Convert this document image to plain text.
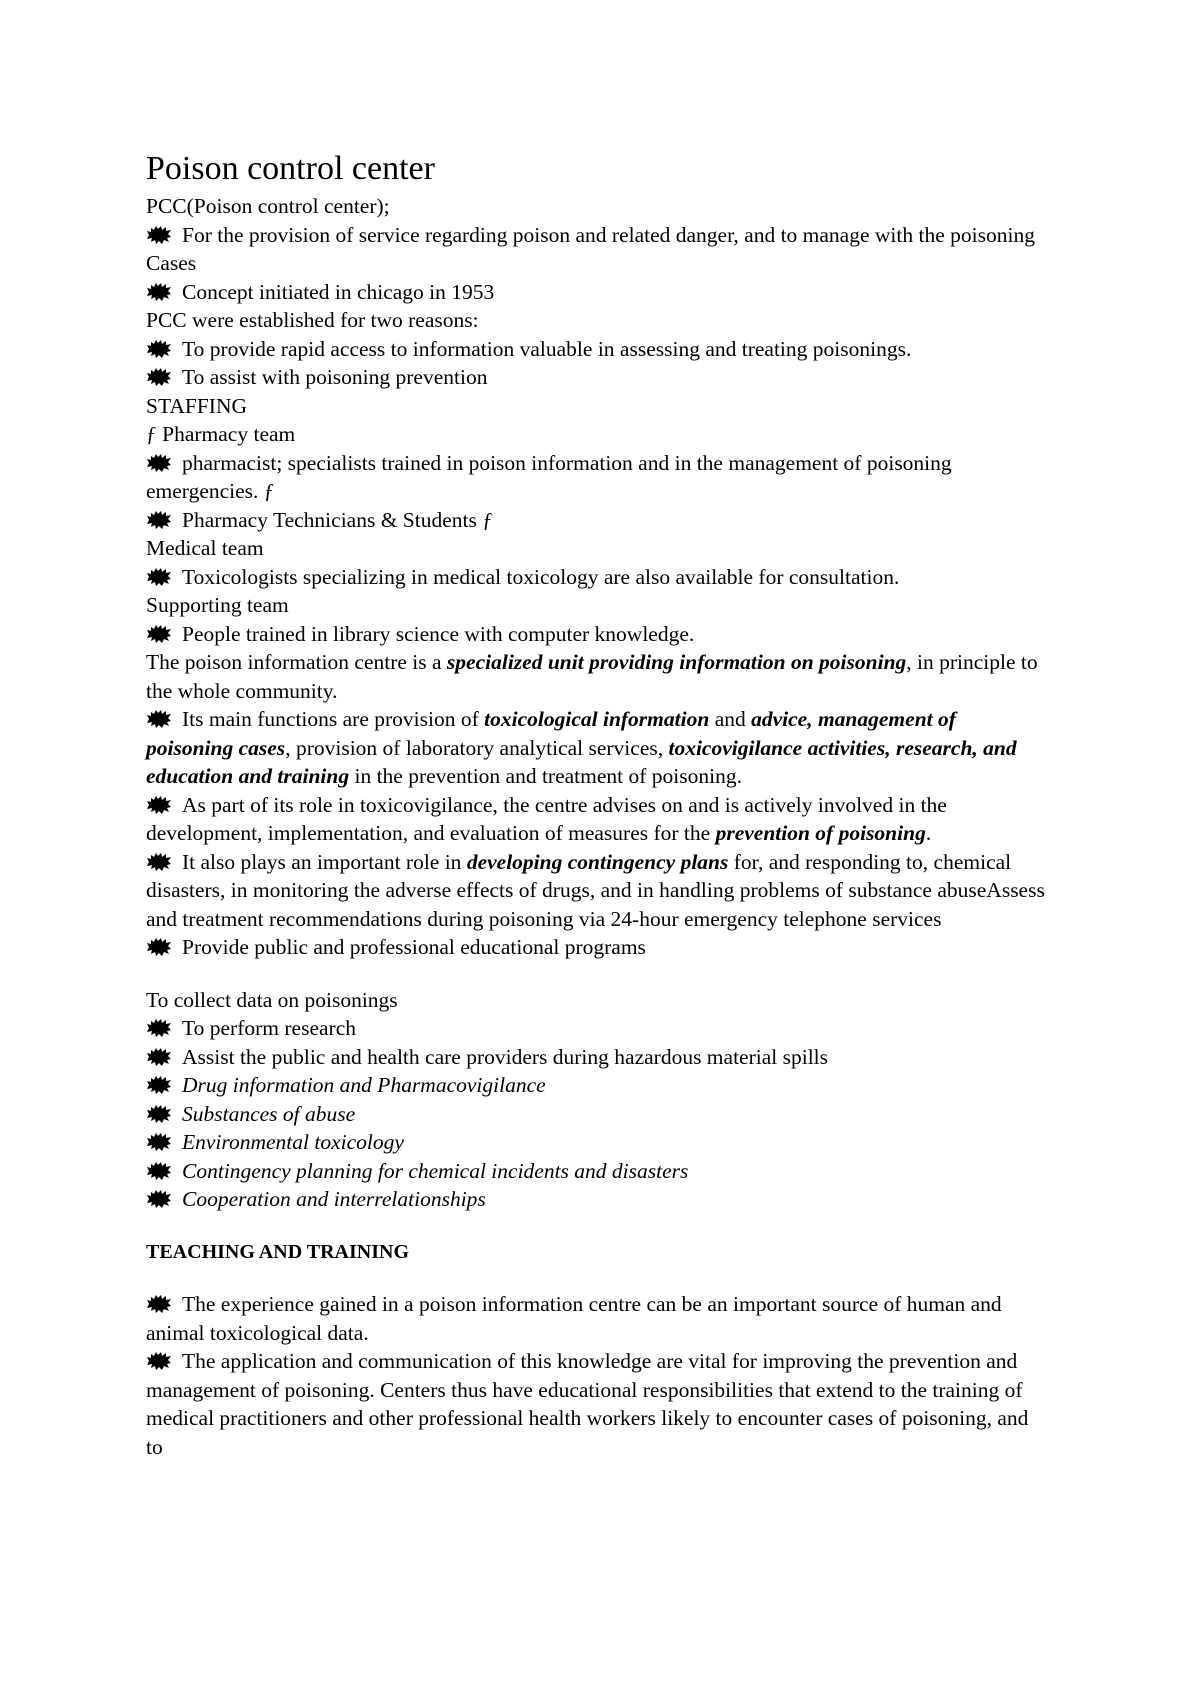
Poison control center

PCC(Poison control center);

For the provision of service regarding poison and related danger, and to manage with the poisoning Cases

Concept initiated in chicago in 1953

PCC were established for two reasons:

To provide rapid access to information valuable in assessing and treating poisonings.

To assist with poisoning prevention

STAFFING

ƒ Pharmacy team

pharmacist; specialists trained in poison information and in the management of poisoning emergencies. ƒ

Pharmacy Technicians & Students ƒ

Medical team

Toxicologists specializing in medical toxicology are also available for consultation.

Supporting team

People trained in library science with computer knowledge.

The poison information centre is a specialized unit providing information on poisoning, in principle to the whole community.

Its main functions are provision of toxicological information and advice, management of poisoning cases, provision of laboratory analytical services, toxicovigilance activities, research, and education and training in the prevention and treatment of poisoning.

As part of its role in toxicovigilance, the centre advises on and is actively involved in the development, implementation, and evaluation of measures for the prevention of poisoning.

It also plays an important role in developing contingency plans for, and responding to, chemical disasters, in monitoring the adverse effects of drugs, and in handling problems of substance abuseAssess and treatment recommendations during poisoning via 24-hour emergency telephone services

Provide public and professional educational programs

To collect data on poisonings

To perform research

Assist the public and health care providers during hazardous material spills

Drug information and Pharmacovigilance

Substances of abuse

Environmental toxicology

Contingency planning for chemical incidents and disasters

Cooperation and interrelationships

TEACHING AND TRAINING

The experience gained in a poison information centre can be an important source of human and animal toxicological data.

The application and communication of this knowledge are vital for improving the prevention and management of poisoning. Centers thus have educational responsibilities that extend to the training of medical practitioners and other professional health workers likely to encounter cases of poisoning, and to
